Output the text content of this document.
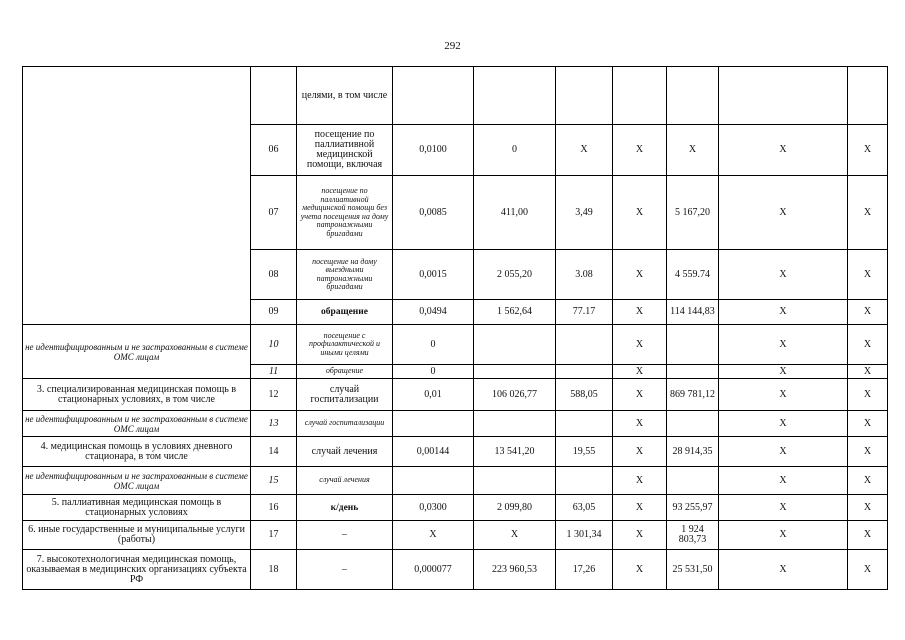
292
		целями, в том числе							
	06	посещение по паллиативной медицинской помощи, включая	0,0100	0	X	X	X	X	X
	07	посещение по паллиативной медицинской помощи без учета посещения на дому патронажными бригадами	0,0085	411,00	3,49	X	5 167,20	X	X
	08	посещение на дому выездными патронажными бригадами	0,0015	2 055,20	3.08	X	4 559.74	X	X
	09	обращение	0,0494	1 562,64	77.17	X	114 144,83	X	X
не идентифицированным и не застрахованным в системе ОМС лицам	10	посещение с профилактической и иными целями	0			X		X	X
	11	обращение	0			X		X	X
3. специализированная медицинская помощь в стационарных условиях, в том числе	12	случай госпитализации	0,01	106 026,77	588,05	X	869 781,12	X	X
не идентифицированным и не застрахованным в системе ОМС лицам	13	случай госпитализации				X		X	X
4. медицинская помощь в условиях дневного стационара, в том числе	14	случай лечения	0,00144	13 541,20	19,55	X	28 914,35	X	X
не идентифицированным и не застрахованным в системе ОМС лицам	15	случай лечения				X		X	X
5. паллиативная медицинская помощь в стационарных условиях	16	к/день	0,0300	2 099,80	63,05	X	93 255,97	X	X
6. иные государственные и муниципальные услуги (работы)	17	–	X	X	1 301,34	X	1 924 803,73	X	X
7. высокотехнологичная медицинская помощь, оказываемая в медицинских организациях субъекта РФ	18	–	0,000077	223 960,53	17,26	X	25 531,50	X	X
